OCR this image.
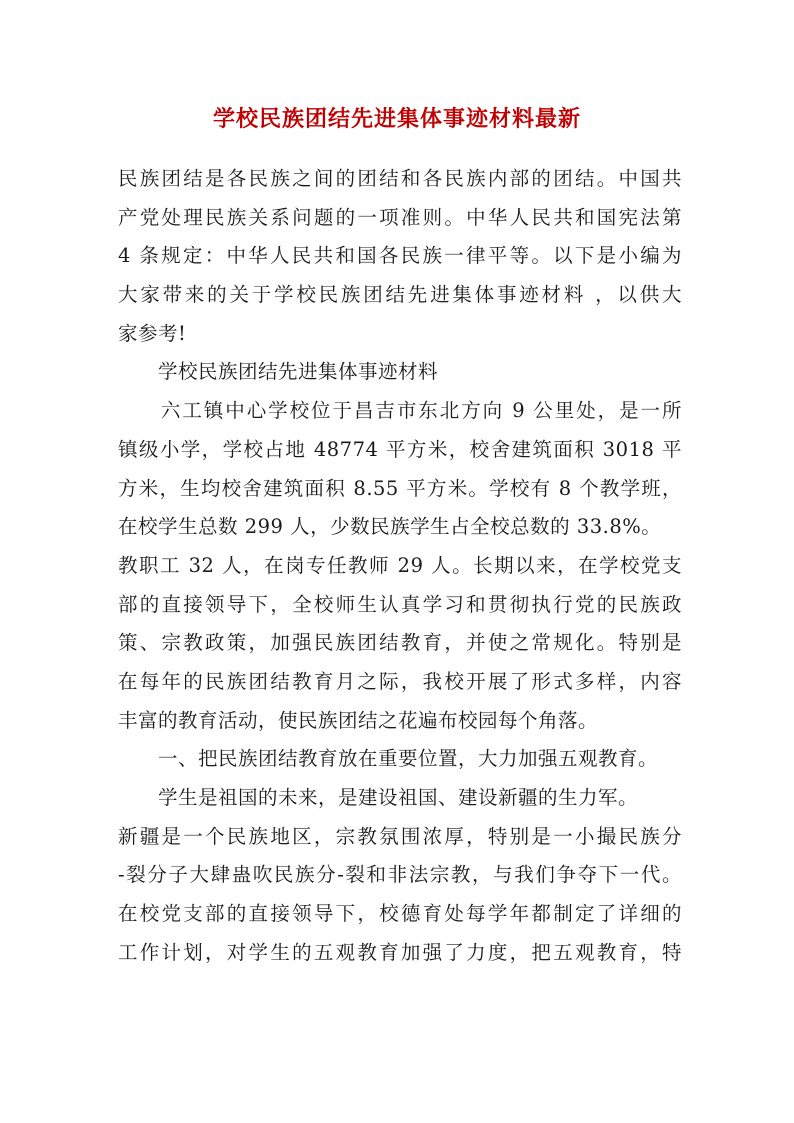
学校民族团结先进集体事迹材料最新
民族团结是各民族之间的团结和各民族内部的团结。中国共
产党处理民族关系问题的一项准则。中华人民共和国宪法第
4 条规定：中华人民共和国各民族一律平等。以下是小编为
大家带来的关于学校民族团结先进集体事迹材料 ，以供大
家参考!
　　学校民族团结先进集体事迹材料
　　六工镇中心学校位于昌吉市东北方向 9 公里处，是一所
镇级小学，学校占地 48774 平方米，校舍建筑面积 3018 平
方米，生均校舍建筑面积 8.55 平方米。学校有 8 个教学班，
在校学生总数 299 人，少数民族学生占全校总数的 33.8%。
教职工 32 人，在岗专任教师 29 人。长期以来，在学校党支
部的直接领导下，全校师生认真学习和贯彻执行党的民族政
策、宗教政策，加强民族团结教育，并使之常规化。特别是
在每年的民族团结教育月之际，我校开展了形式多样，内容
丰富的教育活动，使民族团结之花遍布校园每个角落。
　　一、把民族团结教育放在重要位置，大力加强五观教育。
　　学生是祖国的未来，是建设祖国、建设新疆的生力军。
新疆是一个民族地区，宗教氛围浓厚，特别是一小撮民族分
-裂分子大肆蛊吹民族分-裂和非法宗教，与我们争夺下一代。
在校党支部的直接领导下，校德育处每学年都制定了详细的
工作计划，对学生的五观教育加强了力度，把五观教育，特
